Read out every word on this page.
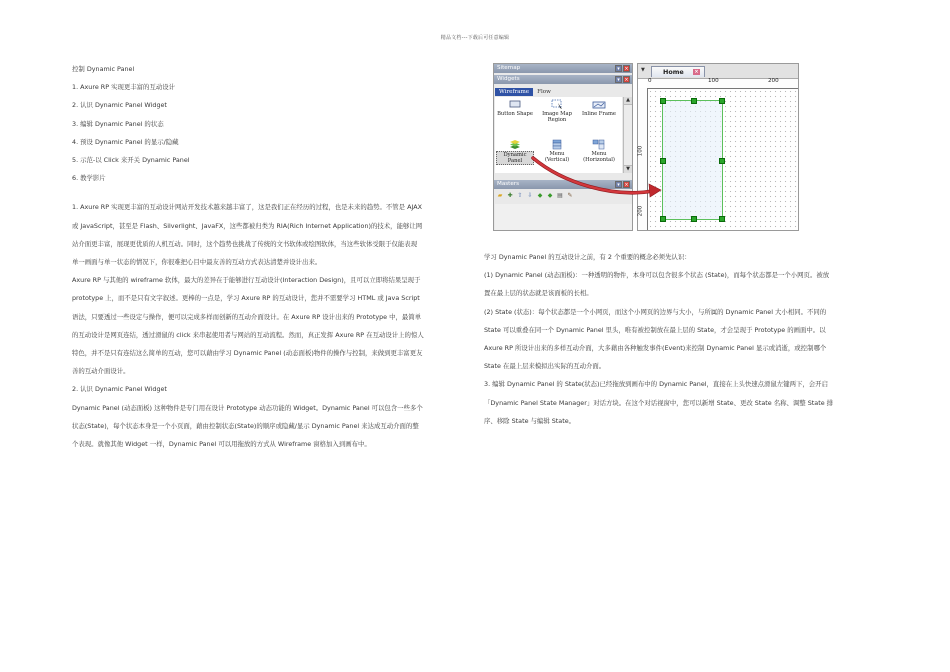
精品文档---下载后可任意编辑

控制 Dynamic Panel

1. Axure RP 实现更丰富的互动设计

2. 认识 Dynamic Panel Widget

3. 编辑 Dynamic Panel 的状态

4. 预设 Dynamic Panel 的显示/隐藏

5. 示范-以 Click 来开关 Dynamic Panel

6. 教学影片

1. Axure RP 实现更丰富的互动设计网站开发技术越来越丰富了，这是我们正在经历的过程，也是未来的趋势。不管是 AJAX

或 JavaScript，甚至是 Flash、Silverlight、JavaFX，这些都被归类为 RIA(Rich Internet Application)的技术，能够让网

站介面更丰富，展现更优质的人机互动。同时，这个趋势也挑战了传统的文书软体或绘图软体，当这些软体受限于仅能表现

单一画面与单一状态的情况下，你很难把心目中最友善的互动方式表达清楚并设计出来。

Axure RP 与其他的 wireframe 软体，最大的差异在于能够进行互动设计(Interaction Design)，且可以立即将结果呈现于

prototype 上，而不是只有文字叙述。更棒的一点是，学习 Axure RP 的互动设计，您并不需要学习 HTML 或 Java Script

语法，只要透过一些设定与操作，便可以完成多样而创新的互动介面设计。在 Axure RP 设计出来的 Prototype 中，最简单

的互动设计是网页连结，透过滑鼠的 click 来串起使用者与网站的互动流程。然而，真正发挥 Axure RP 在互动设计上的惊人

特色，并不是只有连结这么简单的互动，您可以藉由学习 Dynamic Panel (动态面板)物件的操作与控制，来做到更丰富更友

善的互动介面设计。

2. 认识 Dynamic Panel Widget

Dynamic Panel (动态面板) 这种物件是专门用在设计 Prototype 动态功能的 Widget。Dynamic Panel 可以包含一些多个

状态(State)，每个状态本身是一个小页面，藉由控制状态(State)的顺序或隐藏/显示 Dynamic Panel 来达成互动介面的整

个表现。就像其他 Widget 一样，Dynamic Panel 可以用拖放的方式从 Wireframe 窗格加入到画布中。

学习 Dynamic Panel 的互动设计之前，有 2 个重要的概念必须先认识：

(1) Dynamic Panel (动态面板)：一种透明的物件，本身可以包含很多个状态 (State)，而每个状态都是一个小网页。被放

置在最上层的状态就是该面板的长相。

(2) State (状态)：每个状态都是一个小网页，而这个小网页的边界与大小，与所属的 Dynamic Panel 大小相同。不同的

State 可以重叠在同一个 Dynamic Panel 里头，唯有被控制放在最上层的 State，才会呈现于 Prototype 的画面中。以

Axure RP 所设计出来的多样互动介面，大多藉由各种触发事件(Event)来控制 Dynamic Panel 显示或消逝，或控制哪个

State 在最上层来模拟出实际的互动介面。

3. 编辑 Dynamic Panel 的 State(状态)已经拖放到画布中的 Dynamic Panel，直接在上头快速点滑鼠左键两下，会开启

「Dynamic Panel State Manager」对话方块。在这个对话视窗中，您可以新增 State、更改 State 名称、调整 State 排

序、移除 State 与编辑 State。

Sitemap	▾ ×
Widgets	▾ ×
Wireframe	Flow
Button Shape	Image Map Region
Inline Frame
Dynamic Panel
Menu (Vertical)
Menu (Horizontal)
▲
▼
Masters	▾ ×
▰ ✚ ⇧ ⇩ ◆ ◆ ▤ ✎
▼	Home ×
0	100	200
100
200
